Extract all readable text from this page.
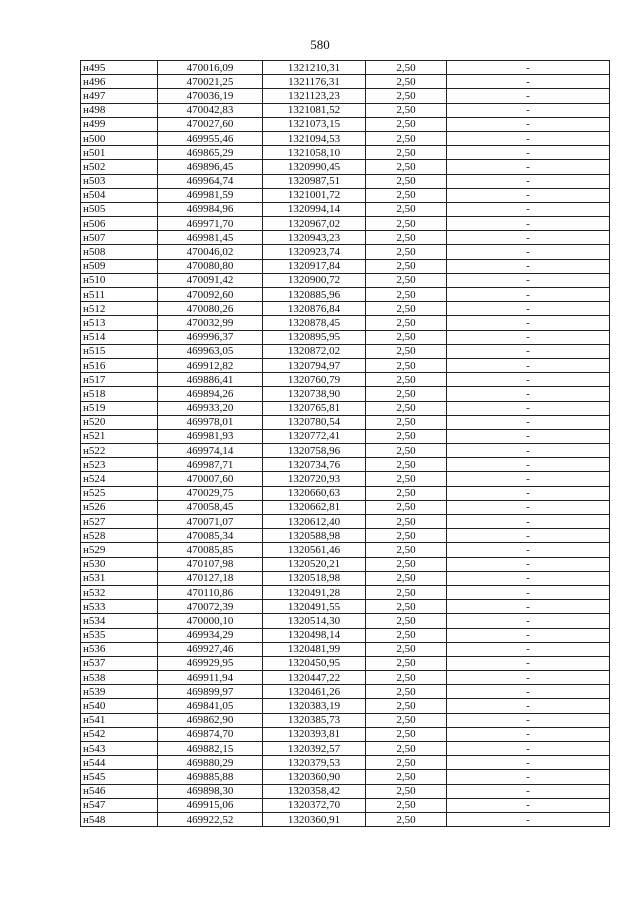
580
н495	470016,09	1321210,31	2,50	-
н496	470021,25	1321176,31	2,50	-
н497	470036,19	1321123,23	2,50	-
н498	470042,83	1321081,52	2,50	-
н499	470027,60	1321073,15	2,50	-
н500	469955,46	1321094,53	2,50	-
н501	469865,29	1321058,10	2,50	-
н502	469896,45	1320990,45	2,50	-
н503	469964,74	1320987,51	2,50	-
н504	469981,59	1321001,72	2,50	-
н505	469984,96	1320994,14	2,50	-
н506	469971,70	1320967,02	2,50	-
н507	469981,45	1320943,23	2,50	-
н508	470046,02	1320923,74	2,50	-
н509	470080,80	1320917,84	2,50	-
н510	470091,42	1320900,72	2,50	-
н511	470092,60	1320885,96	2,50	-
н512	470080,26	1320876,84	2,50	-
н513	470032,99	1320878,45	2,50	-
н514	469996,37	1320895,95	2,50	-
н515	469963,05	1320872,02	2,50	-
н516	469912,82	1320794,97	2,50	-
н517	469886,41	1320760,79	2,50	-
н518	469894,26	1320738,90	2,50	-
н519	469933,20	1320765,81	2,50	-
н520	469978,01	1320780,54	2,50	-
н521	469981,93	1320772,41	2,50	-
н522	469974,14	1320758,96	2,50	-
н523	469987,71	1320734,76	2,50	-
н524	470007,60	1320720,93	2,50	-
н525	470029,75	1320660,63	2,50	-
н526	470058,45	1320662,81	2,50	-
н527	470071,07	1320612,40	2,50	-
н528	470085,34	1320588,98	2,50	-
н529	470085,85	1320561,46	2,50	-
н530	470107,98	1320520,21	2,50	-
н531	470127,18	1320518,98	2,50	-
н532	470110,86	1320491,28	2,50	-
н533	470072,39	1320491,55	2,50	-
н534	470000,10	1320514,30	2,50	-
н535	469934,29	1320498,14	2,50	-
н536	469927,46	1320481,99	2,50	-
н537	469929,95	1320450,95	2,50	-
н538	469911,94	1320447,22	2,50	-
н539	469899,97	1320461,26	2,50	-
н540	469841,05	1320383,19	2,50	-
н541	469862,90	1320385,73	2,50	-
н542	469874,70	1320393,81	2,50	-
н543	469882,15	1320392,57	2,50	-
н544	469880,29	1320379,53	2,50	-
н545	469885,88	1320360,90	2,50	-
н546	469898,30	1320358,42	2,50	-
н547	469915,06	1320372,70	2,50	-
н548	469922,52	1320360,91	2,50	-
